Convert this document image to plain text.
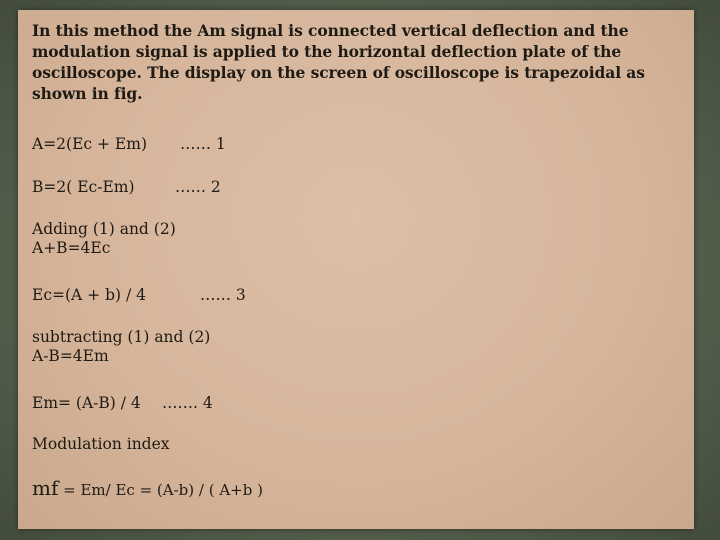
In this method the Am signal is connected vertical deflection and the
modulation signal is applied to the horizontal deflection plate of the
oscilloscope. The display on the screen of oscilloscope is trapezoidal as
shown in fig.
A=2(Ec + Em) …… 1
B=2( Ec-Em)	…… 2
Adding (1) and (2)
A+B=4Ec
Ec=(A + b) / 4	…… 3
subtracting (1) and (2)
A-B=4Em
Em= (A-B) / 4 ……. 4
Modulation index
mf = Em/ Ec = (A-b) / ( A+b )
